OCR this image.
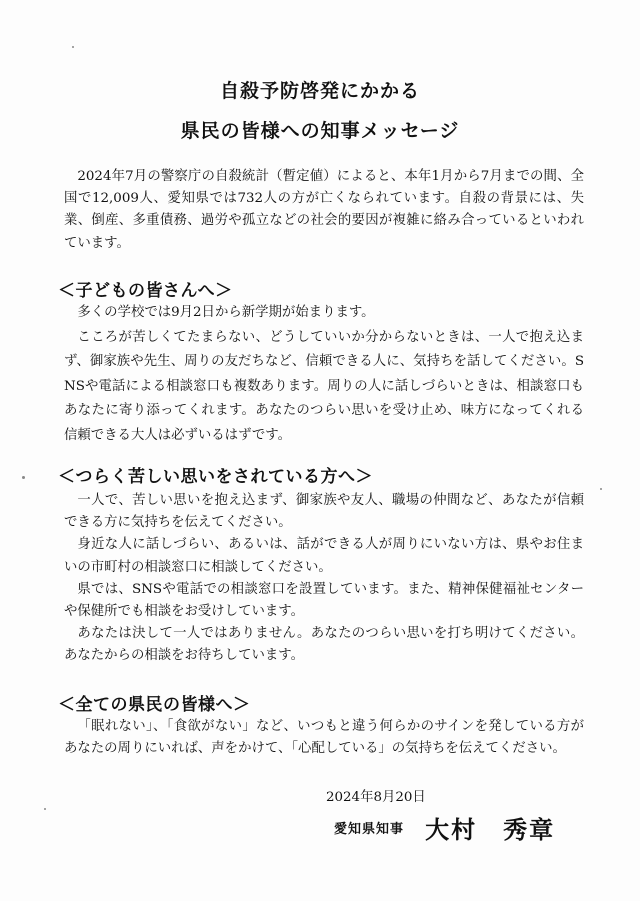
自殺予防啓発にかかる
県民の皆様への知事メッセージ

2024年7月の警察庁の自殺統計（暫定値）によると、本年1月から7月までの間、全国で12,009人、愛知県では732人の方が亡くなられています。自殺の背景には、失業、倒産、多重債務、過労や孤立などの社会的要因が複雑に絡み合っているといわれています。

＜子どもの皆さんへ＞

多くの学校では9月2日から新学期が始まります。

こころが苦しくてたまらない、どうしていいか分からないときは、一人で抱え込まず、御家族や先生、周りの友だちなど、信頼できる人に、気持ちを話してください。SNSや電話による相談窓口も複数あります。周りの人に話しづらいときは、相談窓口もあなたに寄り添ってくれます。あなたのつらい思いを受け止め、味方になってくれる信頼できる大人は必ずいるはずです。

＜つらく苦しい思いをされている方へ＞

一人で、苦しい思いを抱え込まず、御家族や友人、職場の仲間など、あなたが信頼できる方に気持ちを伝えてください。

身近な人に話しづらい、あるいは、話ができる人が周りにいない方は、県やお住まいの市町村の相談窓口に相談してください。

県では、SNSや電話での相談窓口を設置しています。また、精神保健福祉センターや保健所でも相談をお受けしています。

あなたは決して一人ではありません。あなたのつらい思いを打ち明けてください。あなたからの相談をお待ちしています。

＜全ての県民の皆様へ＞

「眠れない」、「食欲がない」など、いつもと違う何らかのサインを発している方があなたの周りにいれば、声をかけて、「心配している」の気持ちを伝えてください。

2024年8月20日

愛知県知事 大村　秀章
